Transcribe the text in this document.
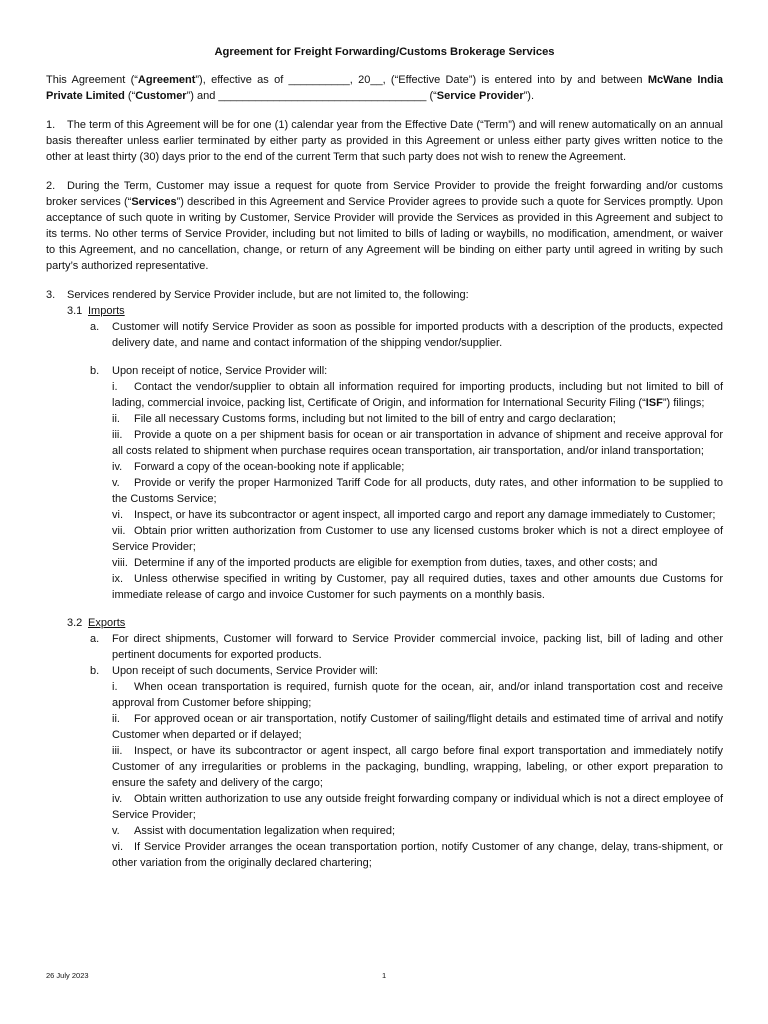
Agreement for Freight Forwarding/Customs Brokerage Services

This Agreement (“Agreement”), effective as of __________, 20__, (“Effective Date”) is entered into by and between McWane India Private Limited (“Customer”) and __________________________________ (“Service Provider”).

1. The term of this Agreement will be for one (1) calendar year from the Effective Date (“Term”) and will renew automatically on an annual basis thereafter unless earlier terminated by either party as provided in this Agreement or unless either party gives written notice to the other at least thirty (30) days prior to the end of the current Term that such party does not wish to renew the Agreement.

2. During the Term, Customer may issue a request for quote from Service Provider to provide the freight forwarding and/or customs broker services (“Services”) described in this Agreement and Service Provider agrees to provide such a quote for Services promptly. Upon acceptance of such quote in writing by Customer, Service Provider will provide the Services as provided in this Agreement and subject to its terms. No other terms of Service Provider, including but not limited to bills of lading or waybills, no modification, amendment, or waiver to this Agreement, and no cancellation, change, or return of any Agreement will be binding on either party until agreed in writing by such party’s authorized representative.

3. Services rendered by Service Provider include, but are not limited to, the following:

3.1 Imports

a. Customer will notify Service Provider as soon as possible for imported products with a description of the products, expected delivery date, and name and contact information of the shipping vendor/supplier.

b. Upon receipt of notice, Service Provider will:

i. Contact the vendor/supplier to obtain all information required for importing products, including but not limited to bill of lading, commercial invoice, packing list, Certificate of Origin, and information for International Security Filing (“ISF”) filings;

ii. File all necessary Customs forms, including but not limited to the bill of entry and cargo declaration;

iii. Provide a quote on a per shipment basis for ocean or air transportation in advance of shipment and receive approval for all costs related to shipment when purchase requires ocean transportation, air transportation, and/or inland transportation;

iv. Forward a copy of the ocean-booking note if applicable;

v. Provide or verify the proper Harmonized Tariff Code for all products, duty rates, and other information to be supplied to the Customs Service;

vi. Inspect, or have its subcontractor or agent inspect, all imported cargo and report any damage immediately to Customer;

vii. Obtain prior written authorization from Customer to use any licensed customs broker which is not a direct employee of Service Provider;

viii. Determine if any of the imported products are eligible for exemption from duties, taxes, and other costs; and

ix. Unless otherwise specified in writing by Customer, pay all required duties, taxes and other amounts due Customs for immediate release of cargo and invoice Customer for such payments on a monthly basis.

3.2 Exports

a. For direct shipments, Customer will forward to Service Provider commercial invoice, packing list, bill of lading and other pertinent documents for exported products.

b. Upon receipt of such documents, Service Provider will:

i. When ocean transportation is required, furnish quote for the ocean, air, and/or inland transportation cost and receive approval from Customer before shipping;

ii. For approved ocean or air transportation, notify Customer of sailing/flight details and estimated time of arrival and notify Customer when departed or if delayed;

iii. Inspect, or have its subcontractor or agent inspect, all cargo before final export transportation and immediately notify Customer of any irregularities or problems in the packaging, bundling, wrapping, labeling, or other export preparation to ensure the safety and delivery of the cargo;

iv. Obtain written authorization to use any outside freight forwarding company or individual which is not a direct employee of Service Provider;

v. Assist with documentation legalization when required;

vi. If Service Provider arranges the ocean transportation portion, notify Customer of any change, delay, trans-shipment, or other variation from the originally declared chartering;

26 July 2023	1
